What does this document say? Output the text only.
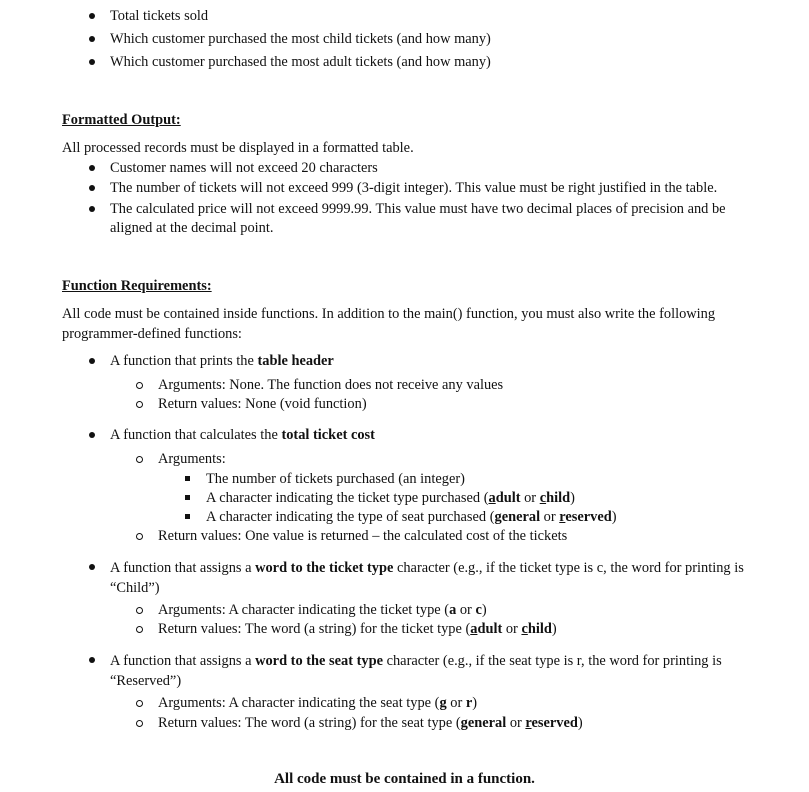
Total tickets sold
Which customer purchased the most child tickets (and how many)
Which customer purchased the most adult tickets (and how many)
Formatted Output:
All processed records must be displayed in a formatted table.
Customer names will not exceed 20 characters
The number of tickets will not exceed 999 (3-digit integer). This value must be right justified in the table.
The calculated price will not exceed 9999.99. This value must have two decimal places of precision and be aligned at the decimal point.
Function Requirements:
All code must be contained inside functions. In addition to the main() function, you must also write the following programmer-defined functions:
A function that prints the table header
Arguments: None. The function does not receive any values
Return values: None (void function)
A function that calculates the total ticket cost
Arguments:
The number of tickets purchased (an integer)
A character indicating the ticket type purchased (adult or child)
A character indicating the type of seat purchased (general or reserved)
Return values: One value is returned – the calculated cost of the tickets
A function that assigns a word to the ticket type character (e.g., if the ticket type is c, the word for printing is “Child”)
Arguments: A character indicating the ticket type (a or c)
Return values: The word (a string) for the ticket type (adult or child)
A function that assigns a word to the seat type character (e.g., if the seat type is r, the word for printing is “Reserved”)
Arguments: A character indicating the seat type (g or r)
Return values: The word (a string) for the seat type (general or reserved)
All code must be contained in a function.
